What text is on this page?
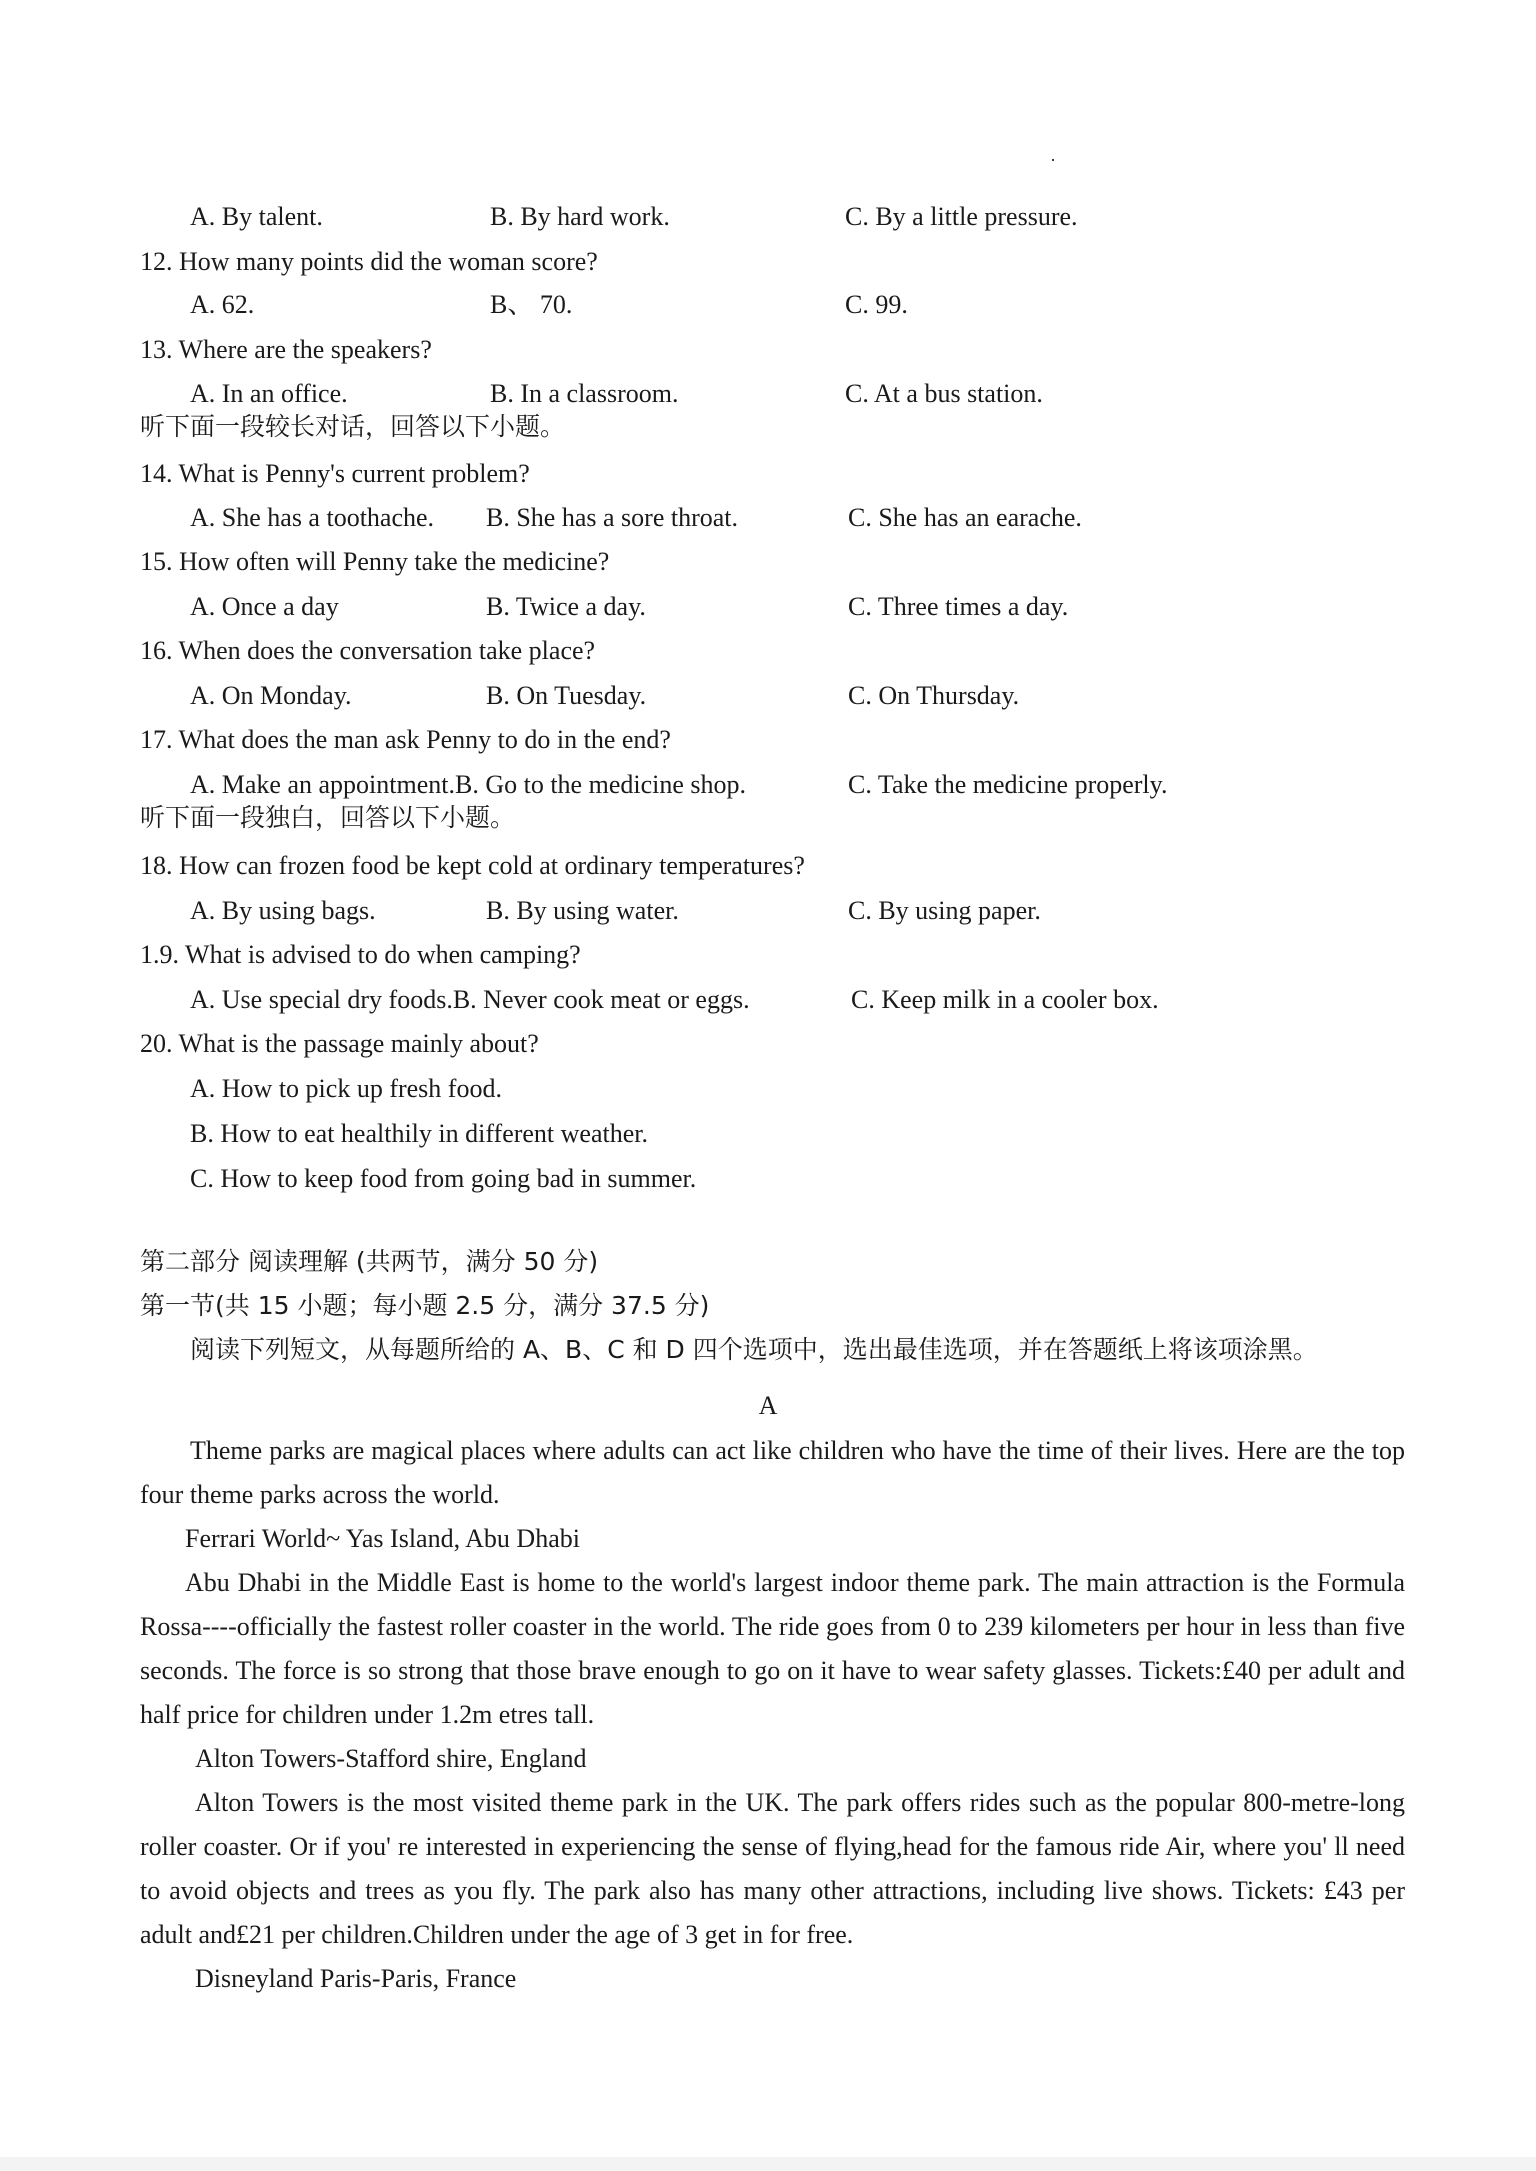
·
A. By talent.	B. By hard work.	C. By a little pressure.
12. How many points did the woman score?
A. 62.	B、 70.	C. 99.
13. Where are the speakers?
A. In an office.	B. In a classroom.	C. At a bus station.
听下面一段较长对话，回答以下小题。
14. What is Penny's current problem?
A. She has a toothache. B. She has a sore throat.	C. She has an earache.
15. How often will Penny take the medicine?
A. Once a day	B. Twice a day.	C. Three times a day.
16. When does the conversation take place?
A. On Monday.	B. On Tuesday.	C. On Thursday.
17. What does the man ask Penny to do in the end?
A. Make an appointment.B. Go to the medicine shop.	C. Take the medicine properly.
听下面一段独白，回答以下小题。
18. How can frozen food be kept cold at ordinary temperatures?
A. By using bags.	B. By using water.	C. By using paper.
1.9. What is advised to do when camping?
A. Use special dry foods.B. Never cook meat or eggs.	C. Keep milk in a cooler box.
20. What is the passage mainly about?
A. How to pick up fresh food.
B. How to eat healthily in different weather.
C. How to keep food from going bad in summer.
第二部分 阅读理解 (共两节，满分 50 分)
第一节(共 15 小题；每小题 2.5 分，满分 37.5 分)
阅读下列短文，从每题所给的 A、B、C 和 D 四个选项中，选出最佳选项，并在答题纸上将该项涂黑。
A

Theme parks are magical places where adults can act like children who have the time of their lives. Here are the top four theme parks across the world.

Ferrari World~ Yas Island, Abu Dhabi

Abu Dhabi in the Middle East is home to the world's largest indoor theme park. The main attraction is the Formula Rossa----officially the fastest roller coaster in the world. The ride goes from 0 to 239 kilometers per hour in less than five seconds. The force is so strong that those brave enough to go on it have to wear safety glasses. Tickets:£40 per adult and half price for children under 1.2m etres tall.

Alton Towers-Stafford shire, England

Alton Towers is the most visited theme park in the UK. The park offers rides such as the popular 800-metre-long roller coaster. Or if you' re interested in experiencing the sense of flying,head for the famous ride Air, where you' ll need to avoid objects and trees as you fly. The park also has many other attractions, including live shows. Tickets: £43 per adult and£21 per children.Children under the age of 3 get in for free.

Disneyland Paris-Paris, France
